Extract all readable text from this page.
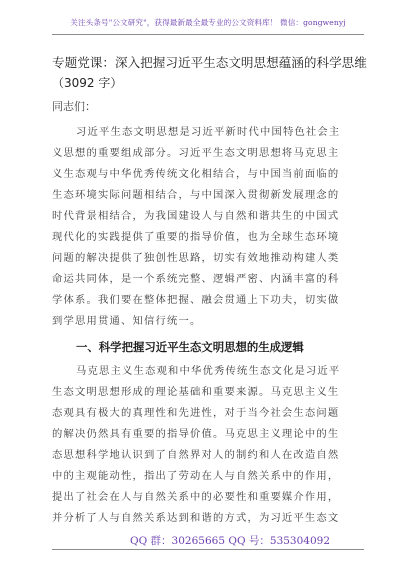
关注头条号"公文研究"，获得最新最全最专业的公文资料库！ 微信：gongwenyj
专题党课：深入把握习近平生态文明思想蕴涵的科学思维
（3092 字）
同志们：
习近平生态文明思想是习近平新时代中国特色社会主
义思想的重要组成部分。习近平生态文明思想将马克思主
义生态观与中华优秀传统文化相结合，与中国当前面临的
生态环境实际问题相结合，与中国深入贯彻新发展理念的
时代背景相结合，为我国建设人与自然和谐共生的中国式
现代化的实践提供了重要的指导价值，也为全球生态环境
问题的解决提供了独创性思路，切实有效地推动构建人类
命运共同体，是一个系统完整、逻辑严密、内涵丰富的科
学体系。我们要在整体把握、融会贯通上下功夫，切实做
到学思用贯通、知信行统一。
一、科学把握习近平生态文明思想的生成逻辑
马克思主义生态观和中华优秀传统生态文化是习近平
生态文明思想形成的理论基础和重要来源。马克思主义生
态观具有极大的真理性和先进性，对于当今社会生态问题
的解决仍然具有重要的指导价值。马克思主义理论中的生
态思想科学地认识到了自然界对人的制约和人在改造自然
中的主观能动性，指出了劳动在人与自然关系中的作用，
提出了社会在人与自然关系中的必要性和重要媒介作用，
并分析了人与自然关系达到和谐的方式，为习近平生态文
QQ 群：30265665 QQ 号：535304092
